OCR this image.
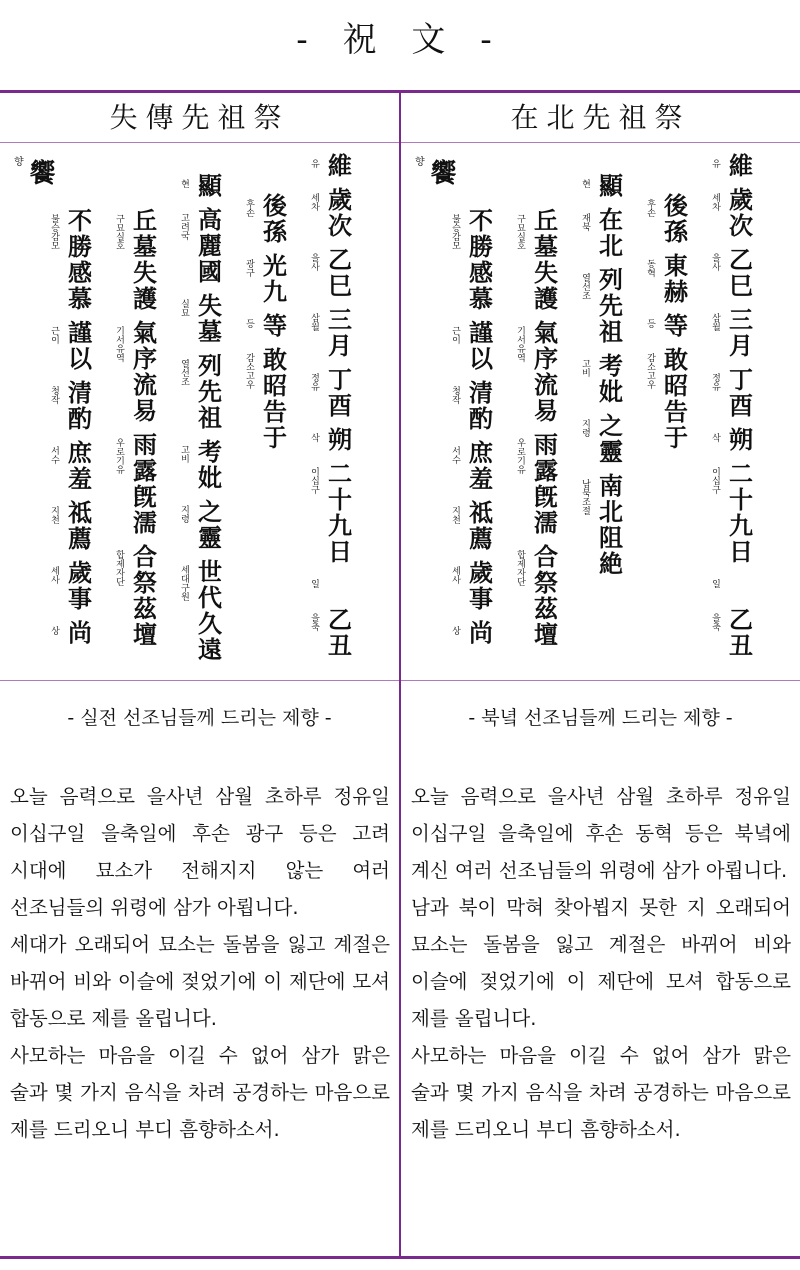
- 祝 文 -
失傳先祖祭
維
유
歲
次
세차
乙
巳
을사
三
月
삼월
丁
酉
정유
朔
삭
二
十
九
日
이십구
일
乙
丑
을축
後
孫
후손
光
九
광구
等
등
敢
昭
告
于
감소고우
顯
현
高
麗
國
고려국
失
墓
실묘
列
先
祖
열선조
考
妣
고비
之
靈
지령
世
代
久
遠
세대구원
丘
墓
失
護
구묘실호
氣
序
流
易
기서유역
雨
露
旣
濡
우로기유
合
祭
茲
壇
합제자단
不
勝
感
慕
불승감모
謹
以
근이
清
酌
청작
庶
羞
서수
祗
薦
지천
歲
事
세사
尚
상
$^향$ 饗
- 실전 선조님들께 드리는 제향 -

오늘 음력으로 을사년 삼월 초하루 정유일 이십구일 을축일에 후손 광구 등은 고려 시대에 묘소가 전해지지 않는 여러 선조님들의 위령에 삼가 아룁니다.

세대가 오래되어 묘소는 돌봄을 잃고 계절은 바뀌어 비와 이슬에 젖었기에 이 제단에 모셔 합동으로 제를 올립니다.

사모하는 마음을 이길 수 없어 삼가 맑은 술과 몇 가지 음식을 차려 공경하는 마음으로 제를 드리오니 부디 흠향하소서.

在北先祖祭
維
유
歲
次
세차
乙
巳
을사
三
月
삼월
丁
酉
정유
朔
삭
二
十
九
日
이십구
일
乙
丑
을축
後
孫
후손
東
赫
동혁
等
등
敢
昭
告
于
감소고우
顯
현
在
北
재북
列
先
祖
열선조
考
妣
고비
之
靈
지령
南
北
阻
絶
남북조절
丘
墓
失
護
구묘실호
氣
序
流
易
기서유역
雨
露
旣
濡
우로기유
合
祭
茲
壇
합제자단
不
勝
感
慕
불승감모
謹
以
근이
清
酌
청작
庶
羞
서수
祗
薦
지천
歲
事
세사
尚
상
$^향$ 饗
- 북녘 선조님들께 드리는 제향 -

오늘 음력으로 을사년 삼월 초하루 정유일 이십구일 을축일에 후손 동혁 등은 북녘에 계신 여러 선조님들의 위령에 삼가 아룁니다.

남과 북이 막혀 찾아뵙지 못한 지 오래되어 묘소는 돌봄을 잃고 계절은 바뀌어 비와 이슬에 젖었기에 이 제단에 모셔 합동으로 제를 올립니다.

사모하는 마음을 이길 수 없어 삼가 맑은 술과 몇 가지 음식을 차려 공경하는 마음으로 제를 드리오니 부디 흠향하소서.
